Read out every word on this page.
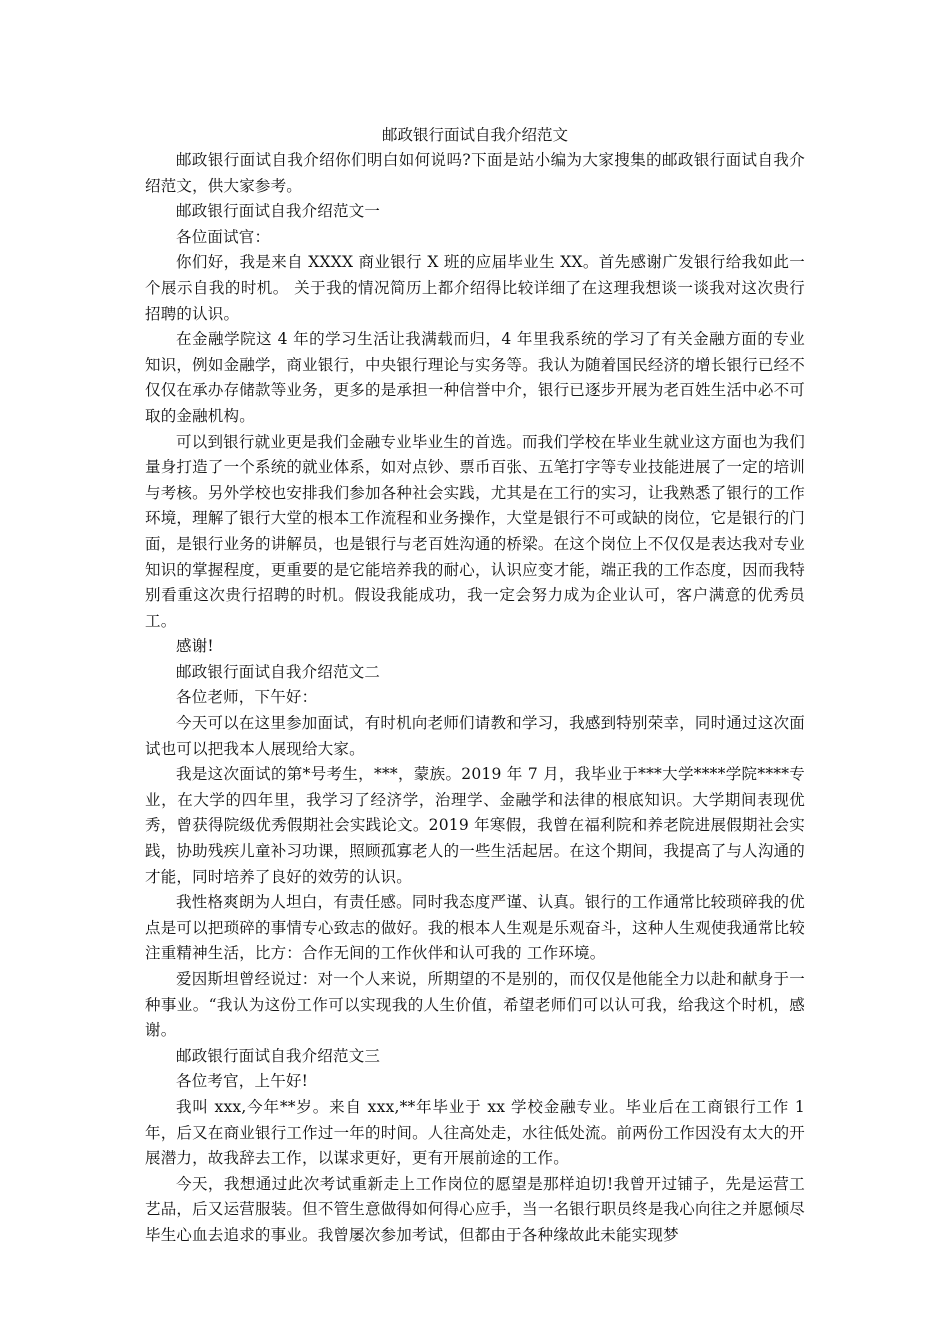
邮政银行面试自我介绍范文

邮政银行面试自我介绍你们明白如何说吗?下面是站小编为大家搜集的邮政银行面试自我介绍范文，供大家参考。

邮政银行面试自我介绍范文一

各位面试官：

你们好，我是来自 XXXX 商业银行 X 班的应届毕业生 XX。首先感谢广发银行给我如此一个展示自我的时机。 关于我的情况简历上都介绍得比较详细了在这理我想谈一谈我对这次贵行招聘的认识。

在金融学院这 4 年的学习生活让我满载而归，4 年里我系统的学习了有关金融方面的专业知识，例如金融学，商业银行，中央银行理论与实务等。我认为随着国民经济的增长银行已经不仅仅在承办存储款等业务，更多的是承担一种信誉中介，银行已逐步开展为老百姓生活中必不可取的金融机构。

可以到银行就业更是我们金融专业毕业生的首选。而我们学校在毕业生就业这方面也为我们量身打造了一个系统的就业体系，如对点钞、票币百张、五笔打字等专业技能进展了一定的培训与考核。另外学校也安排我们参加各种社会实践，尤其是在工行的实习，让我熟悉了银行的工作环境，理解了银行大堂的根本工作流程和业务操作，大堂是银行不可或缺的岗位，它是银行的门面，是银行业务的讲解员，也是银行与老百姓沟通的桥梁。在这个岗位上不仅仅是表达我对专业知识的掌握程度，更重要的是它能培养我的耐心，认识应变才能，端正我的工作态度，因而我特别看重这次贵行招聘的时机。假设我能成功，我一定会努力成为企业认可，客户满意的优秀员工。

感谢!

邮政银行面试自我介绍范文二

各位老师，下午好：

今天可以在这里参加面试，有时机向老师们请教和学习，我感到特别荣幸，同时通过这次面试也可以把我本人展现给大家。

我是这次面试的第*号考生，***，蒙族。2019 年 7 月，我毕业于***大学****学院****专业，在大学的四年里，我学习了经济学，治理学、金融学和法律的根底知识。大学期间表现优秀，曾获得院级优秀假期社会实践论文。2019 年寒假，我曾在福利院和养老院进展假期社会实践，协助残疾儿童补习功课，照顾孤寡老人的一些生活起居。在这个期间，我提高了与人沟通的才能，同时培养了良好的效劳的认识。

我性格爽朗为人坦白，有责任感。同时我态度严谨、认真。银行的工作通常比较琐碎我的优点是可以把琐碎的事情专心致志的做好。我的根本人生观是乐观奋斗，这种人生观使我通常比较注重精神生活，比方：合作无间的工作伙伴和认可我的 工作环境。

爱因斯坦曾经说过：对一个人来说，所期望的不是别的，而仅仅是他能全力以赴和献身于一种事业。“我认为这份工作可以实现我的人生价值，希望老师们可以认可我，给我这个时机，感谢。

邮政银行面试自我介绍范文三

各位考官，上午好!

我叫 xxx,今年**岁。来自 xxx,**年毕业于 xx 学校金融专业。毕业后在工商银行工作 1 年，后又在商业银行工作过一年的时间。人往高处走，水往低处流。前两份工作因没有太大的开展潜力，故我辞去工作，以谋求更好，更有开展前途的工作。

今天，我想通过此次考试重新走上工作岗位的愿望是那样迫切!我曾开过铺子，先是运营工艺品，后又运营服装。但不管生意做得如何得心应手，当一名银行职员终是我心向往之并愿倾尽毕生心血去追求的事业。我曾屡次参加考试，但都由于各种缘故此未能实现梦
